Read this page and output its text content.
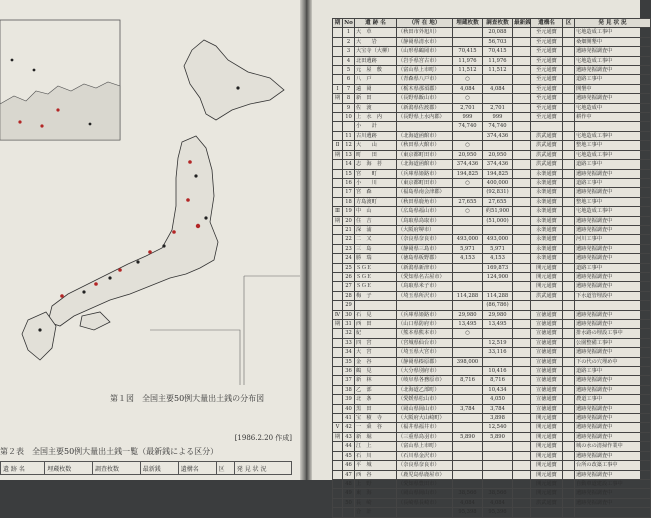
第１図　全国主要50例大量出土銭の分布図
[1986.2.20 作成]
第２表　全国主要50例大量出土銭一覧（最新銭による区分）
遺 跡 名	埋蔵枚数	調査枚数	最新銭	遺構名	区	発 見 状 況
期	No	遺 跡 名	（所 在 地）	埋蔵枚数	調査枚数	最新銭	遺構名	区	発 見 状 況
	1	大　草	（秋田市外旭川）		20,088		至元通寶		宅地造成工事中
	2	大　　岩	（静岡県清水市）		56,703		至元通寶		桑畑開墾中
	3	大宝寺（大柳）	（山形県鶴岡市）	70,415	70,415		至元通寶		遺跡発掘調査中
	4	北田遺跡	（岩手県宮古市）	11,976	11,976		至元通寶		宅地造成工事中
	5	元　屋　敷	（富山県上市町）	11,512	11,512		至元通寶		遺跡発掘調査中
	6	八　戸	（青森県八戸市）	○			至元通寶		道路工事中
Ⅰ	7	遠　岡	（栃木県那須郡）	4,084	4,084		至元通寶		開墾中
期	8	新　田	（長野県飯山市）	○			至元通寶		遺跡発掘調査中
	9	佐　渡	（新潟県佐渡郡）	2,701	2,701		至元通寶		宅地造成中
	10	上　水　内	（長野県上水内郡）	999	999		至元通寶		耕作中
		小　　計		74,740	74,740				
	11	古川遺跡	（北海道函館市）		374,436		洪武通寶		宅地造成工事中
Ⅱ	12	大　　山	（秋田県大館市）	○			洪武通寶		整地工事中
期	13	町　　田	（東京都町田市）	20,950	20,950		洪武通寶		宅地造成工事中
	14	志　海　苔	（北海道函館市）	374,436	374,436		洪武通寶		道路工事中
	15	宮　　町	（兵庫県姫路市）	194,825	194,825		永楽通寶		遺跡発掘調査中
	16	小　　川	（東京都町田市）	○	400,000		永楽通寶		道路工事中
	17	宮　森	（福島県南会津郡）		(92,831)		永楽通寶		遺跡発掘調査中
	18	方島渡町	（秋田県鹿角市）	27,655	27,655		永楽通寶		整地工事中
Ⅲ	19	中　山	（広島県福山市）	○	約51,900		永楽通寶		宅地造成工事中
期	20	住　吉	（鳥取県鳥取市）		(51,000)		永楽通寶		遺跡発掘調査中
	21	深　浦	（大阪府堺市）				永楽通寶		遺跡発掘調査中
	22	二　又	（奈良県奈良市）	493,000	493,000		永楽通寶		河川工事中
	23	三　島	（静岡県三島市）	5,971	5,971		永楽通寶		遺跡発掘調査中
	24	勝　瑞	（徳島県板野郡）	4,153	4,153		永楽通寶		遺跡発掘調査中
	25	ＳＧＥ	（新潟県新津市）		169,873		開元通寶		道路工事中
	26	ＳＧＥ	（愛知県名古屋市）		124,900		開元通寶		遺跡発掘調査中
	27	ＳＧＥ	（鳥取県米子市）				開元通寶		遺跡発掘調査中
	28	梅　子	（埼玉県所沢市）	114,288	114,288		洪武通寶		下水道管埋設中
	29				(86,786)				
Ⅳ	30	石　見	（兵庫県姫路市）	29,980	29,980		宣徳通寶		遺跡発掘調査中
期	31	西　田	（山口県防府市）	13,495	13,495		宣徳通寶		遺跡発掘調査中
	32	紀	（熊本県熊本市）	○			宣徳通寶		排水路の埋設工事中
	33	四　宮	（宮城県仙台市）		12,519		宣徳通寶		公園整備工事中
	34	大　宮	（埼玉県大宮市）		33,116		宣徳通寶		遺跡発掘調査中
	35	金　谷	（静岡県榛原郡）	398,000			宣徳通寶		下の代の穴埋め中
	36	鶴　見	（大分県別府市）		10,416		宣徳通寶		道路工事中
	37	新　林	（岐阜県各務原市）	8,716	8,716		宣徳通寶		遺跡発掘調査中
	38	乙　部	（北海道乙部町）		10,434		宣徳通寶		遺跡発掘調査中
	39	北　条	（愛媛県松山市）		4,050		宣徳通寶		農道工事中
	40	黒　田	（岡山県岡山市）	3,784	3,784		宣徳通寶		遺跡発掘調査中
	41	宝　積　寺	（大阪府大山崎町）		3,898		開元通寶		遺跡発掘調査中
Ⅴ	42	一　乗　谷	（福井県福井市）		12,540		開元通寶		遺跡発掘調査中
期	43	新　堀	（三重県鳥羽市）	5,890	5,890		開元通寶		遺跡発掘調査中
	44	江　上	（富山県上市町）				開元通寶		城の水の清掃作業中
	45	石　川	（石川県金沢市）				開元通寶		遺跡発掘調査中
	46	平　城	（奈良県奈良市）				開元通寶		台所の改築工事中
	47	西　谷	（鹿児島県鹿屋市）				開元通寶		遺跡発掘調査中
	48	上　野	（愛知県豊田市）				開元通寶		自動車道建設工事中
	49	東　海	（岡山県岡山市）	38,566	38,566		開元通寶		遺跡発掘調査中
	50	長　崎	（長崎県長崎市）	4,084	4,084		洪武通寶		遺跡発掘調査中
		合　計		95,398	95,396				
